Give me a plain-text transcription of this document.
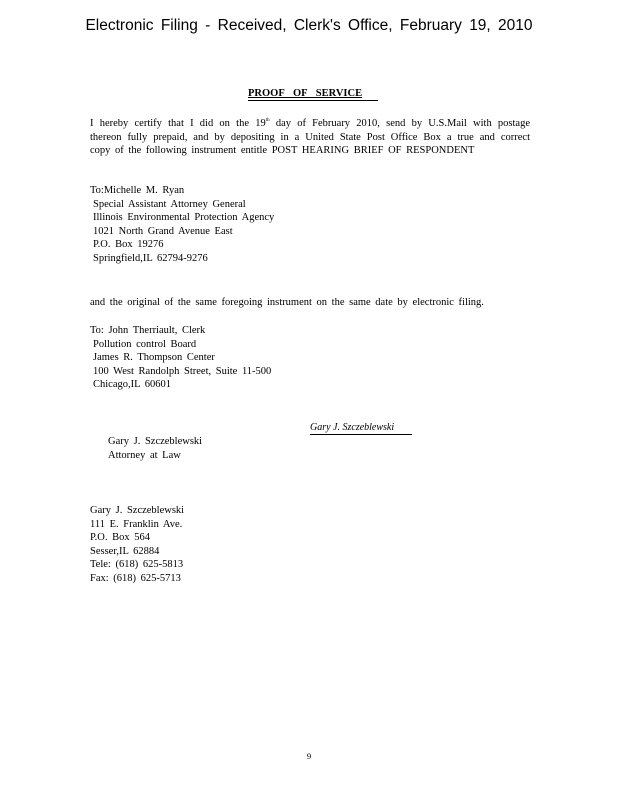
Electronic Filing - Received, Clerk's Office, February 19, 2010
PROOF OF SERVICE
I hereby certify that I did on the 19th day of February 2010, send by U.S.Mail with postage thereon fully prepaid, and by depositing in a United State Post Office Box a true and correct copy of the following instrument entitle POST HEARING BRIEF OF RESPONDENT
To:Michelle M. Ryan
Special Assistant Attorney General
Illinois Environmental Protection Agency
1021 North Grand Avenue East
P.O. Box 19276
Springfield,IL 62794-9276
and the original of the same foregoing instrument on the same date by electronic filing.
To: John Therriault, Clerk
Pollution control Board
James R. Thompson Center
100 West Randolph Street, Suite 11-500
Chicago,IL 60601
Gary J. Szczeblewski
Gary J. Szczeblewski
Attorney at Law
Gary J. Szczeblewski
111 E. Franklin Ave.
P.O. Box 564
Sesser,IL 62884
Tele: (618) 625-5813
Fax: (618) 625-5713
9
